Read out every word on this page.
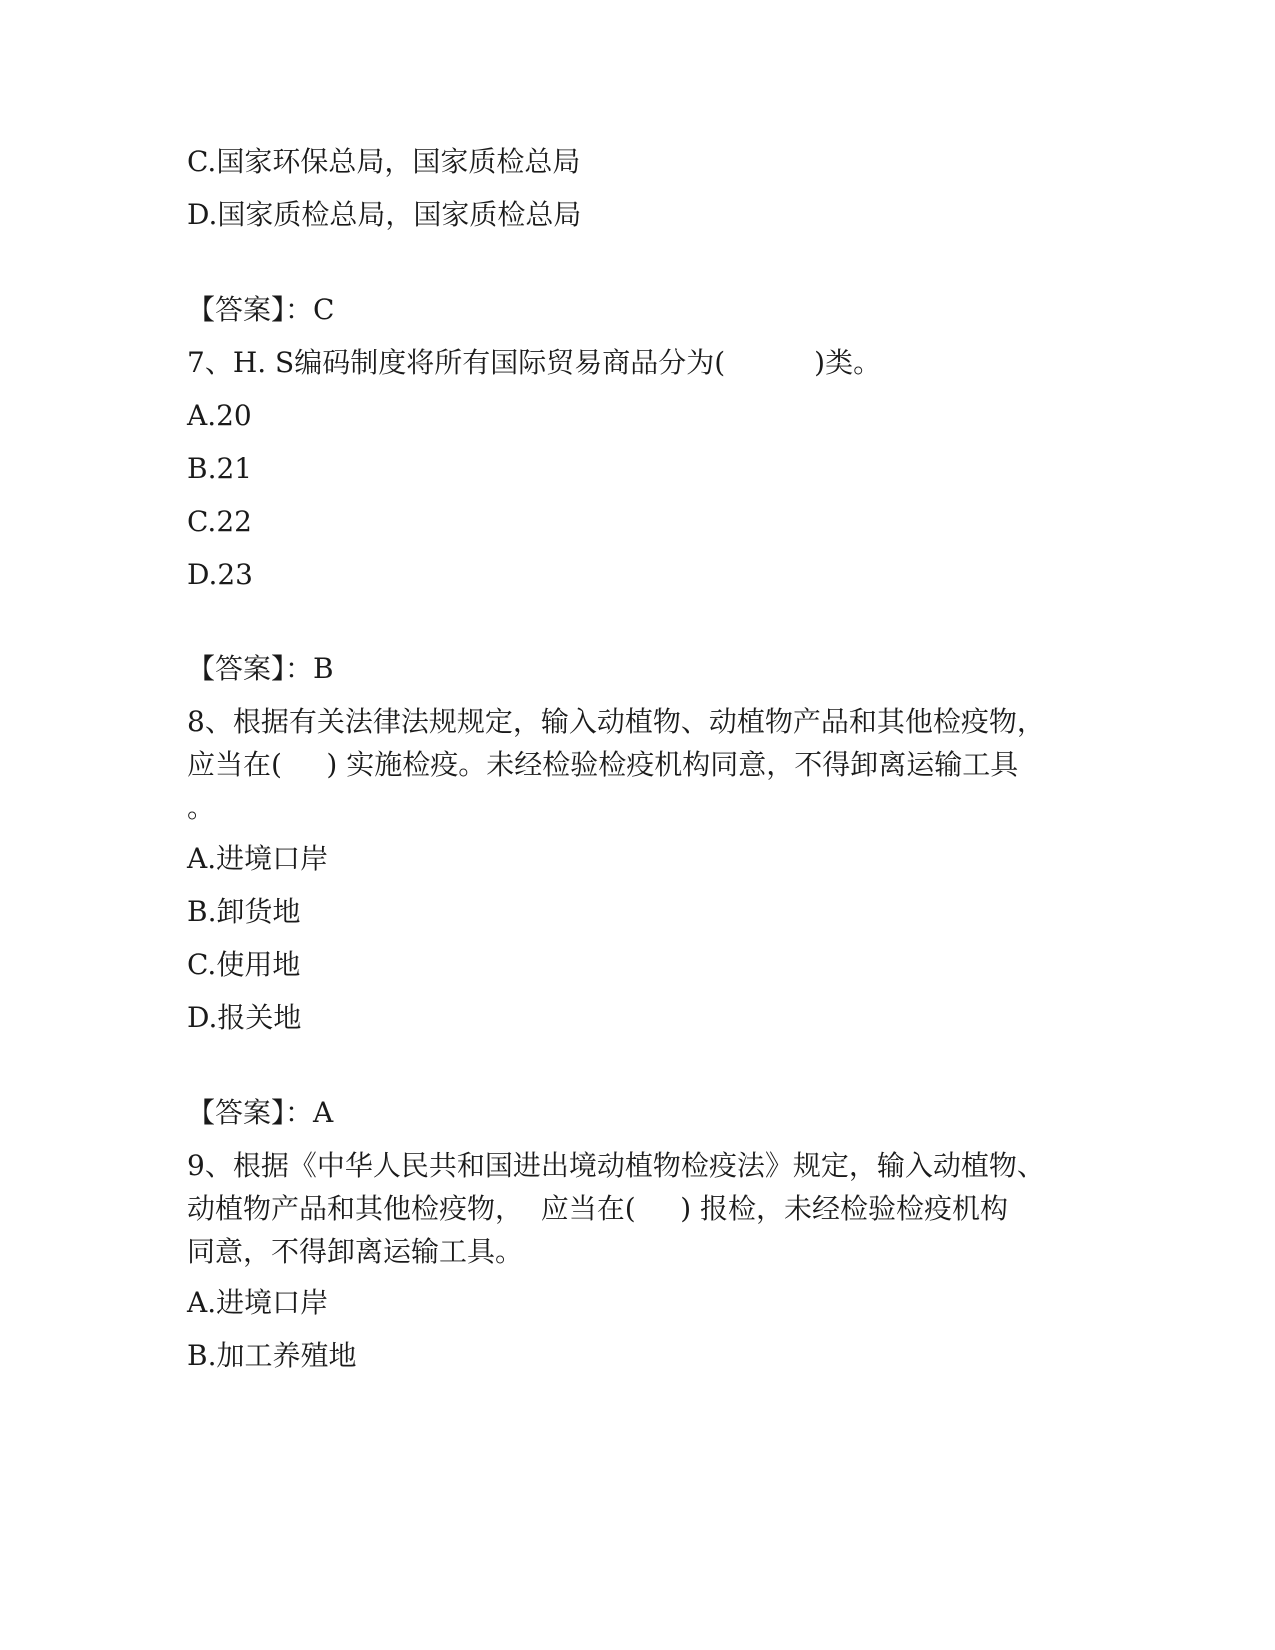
C.国家环保总局，国家质检总局
D.国家质检总局，国家质检总局
【答案】：C
7、H. S编码制度将所有国际贸易商品分为(          )类。
A.20
B.21
C.22
D.23
【答案】：B
8、根据有关法律法规规定，输入动植物、动植物产品和其他检疫物，
应当在(     ) 实施检疫。未经检验检疫机构同意，不得卸离运输工具
。
A.进境口岸
B.卸货地
C.使用地
D.报关地
【答案】：A
9、根据《中华人民共和国进出境动植物检疫法》规定，输入动植物、
动植物产品和其他检疫物，  应当在(     ) 报检，未经检验检疫机构
同意，不得卸离运输工具。
A.进境口岸
B.加工养殖地
